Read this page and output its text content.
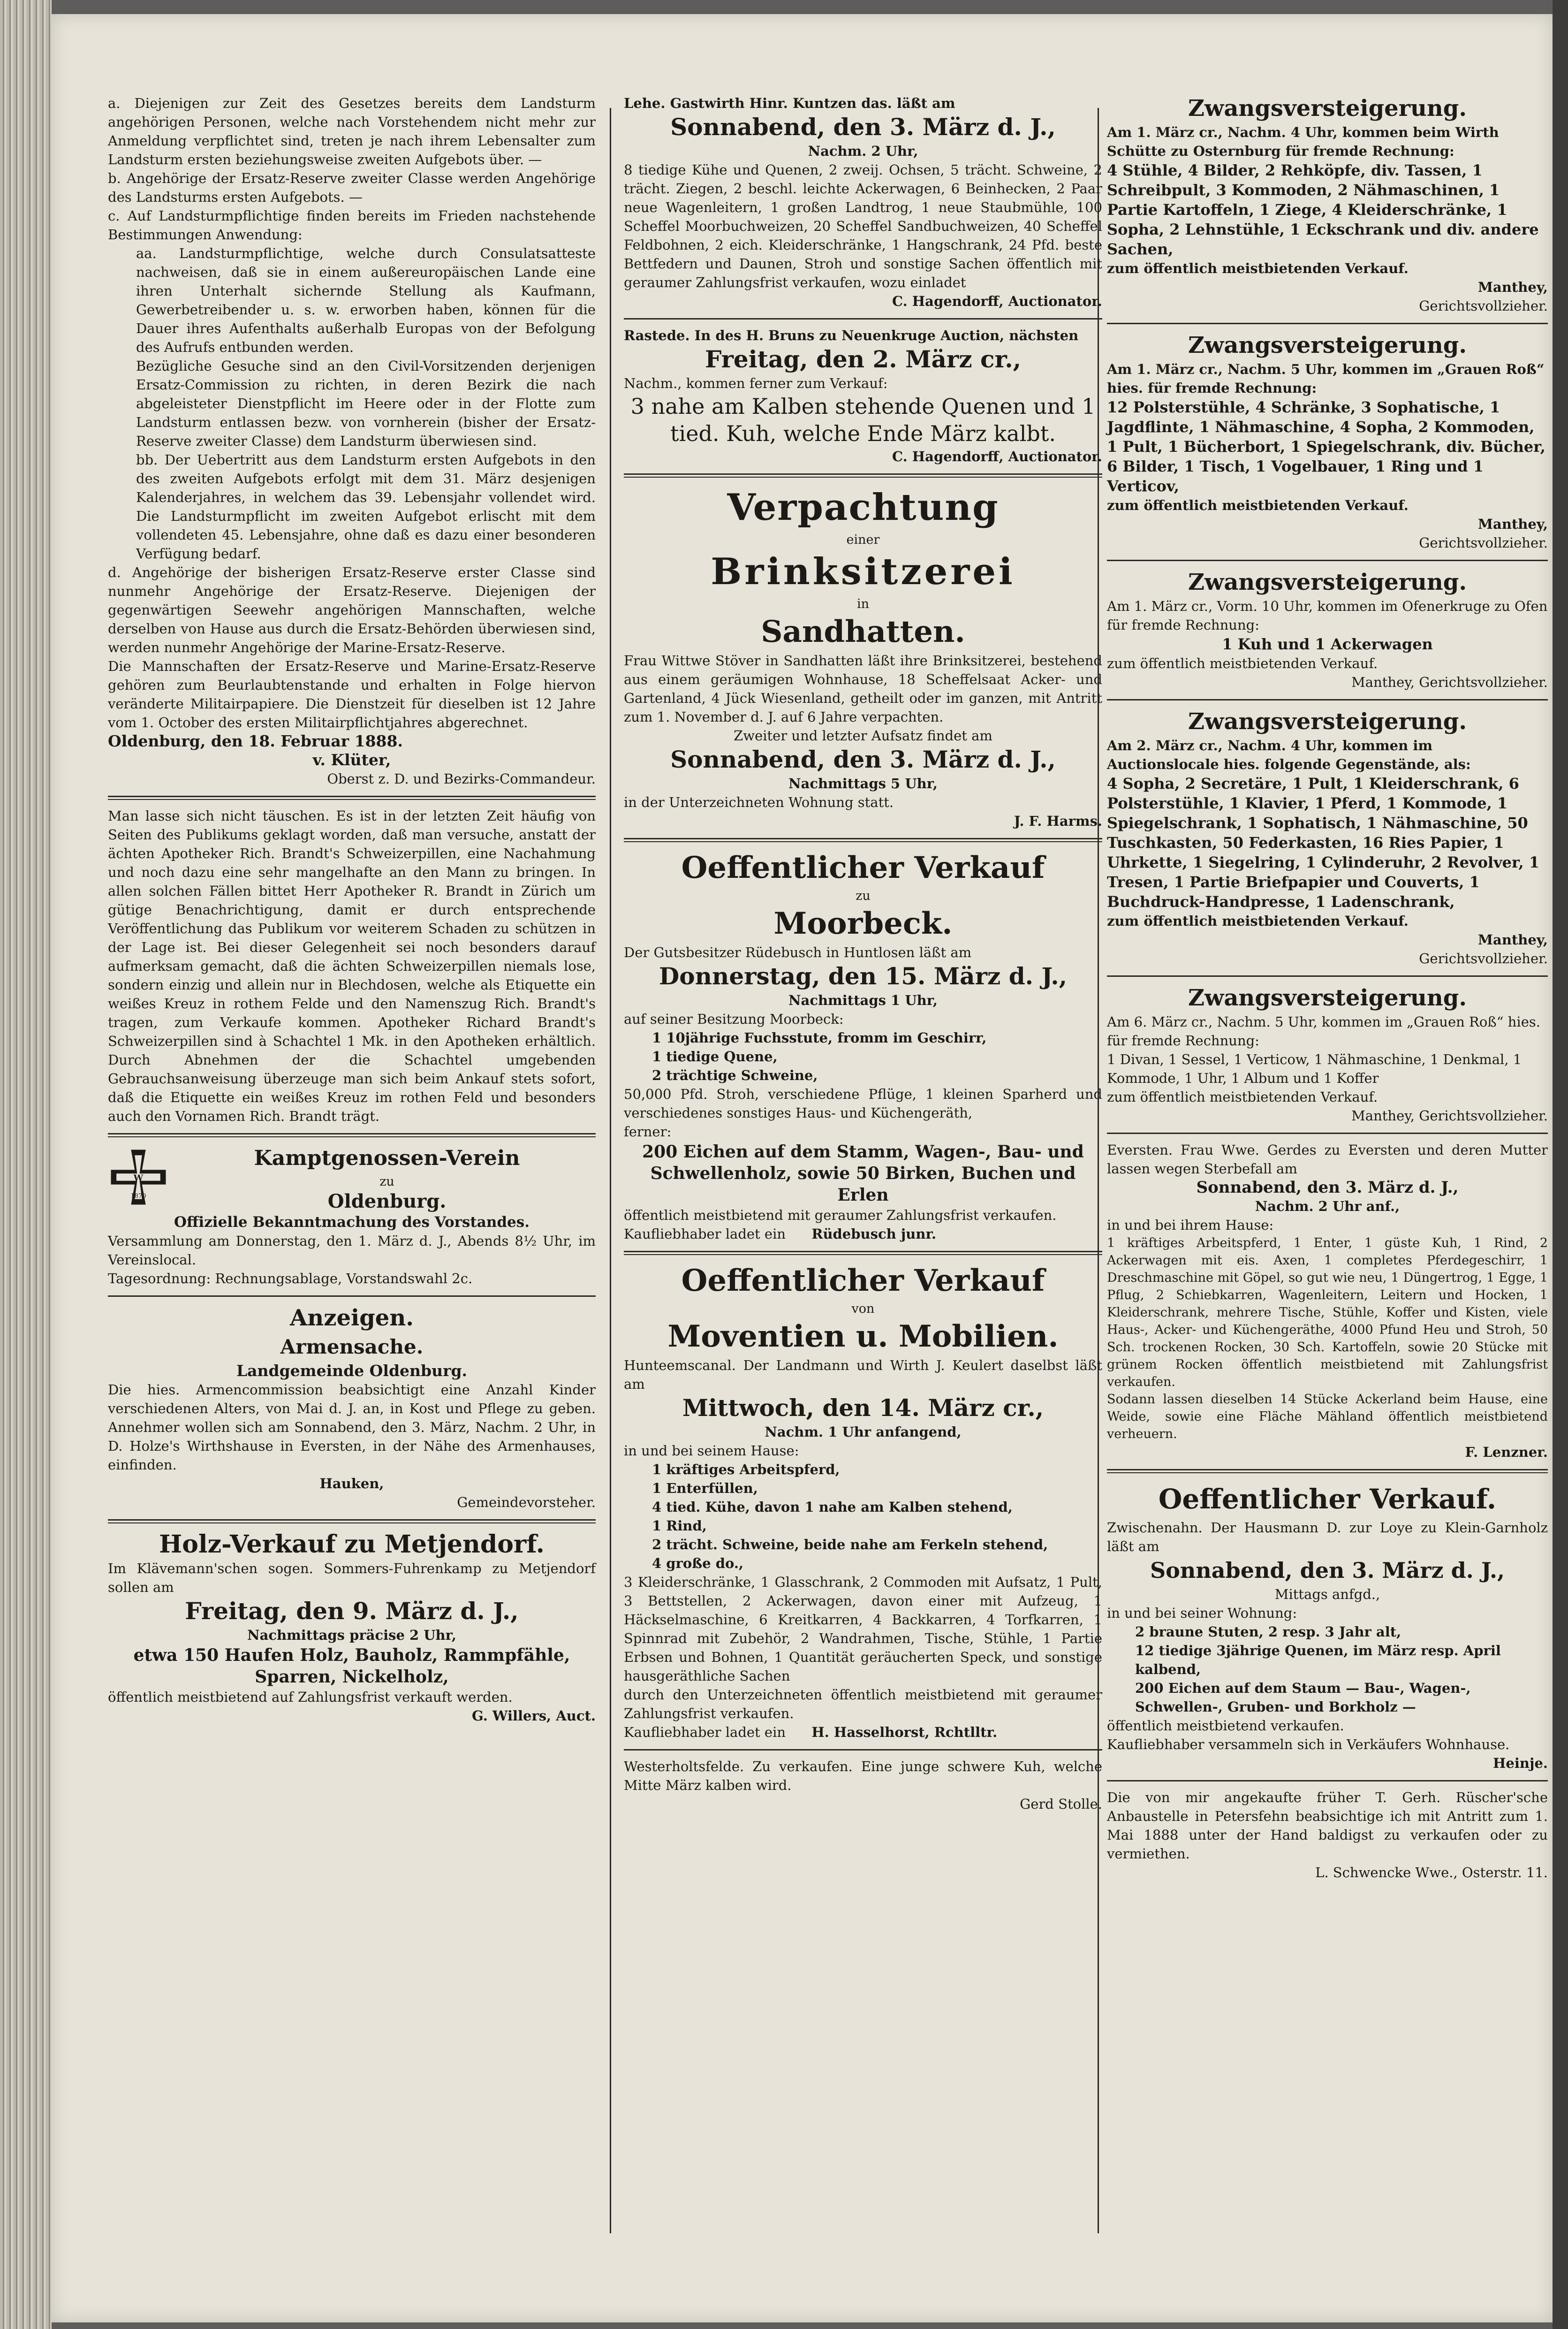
a. Diejenigen zur Zeit des Gesetzes bereits dem Landsturm angehörigen Personen, welche nach Vorstehendem nicht mehr zur Anmeldung verpflichtet sind, treten je nach ihrem Lebensalter zum Landsturm ersten beziehungsweise zweiten Aufgebots über. —

b. Angehörige der Ersatz-Reserve zweiter Classe werden Angehörige des Landsturms ersten Aufgebots. —

c. Auf Landsturmpflichtige finden bereits im Frieden nachstehende Bestimmungen Anwendung:

aa. Landsturmpflichtige, welche durch Consulatsatteste nachweisen, daß sie in einem außereuropäischen Lande eine ihren Unterhalt sichernde Stellung als Kaufmann, Gewerbetreibender u. s. w. erworben haben, können für die Dauer ihres Aufenthalts außerhalb Europas von der Befolgung des Aufrufs entbunden werden.

Bezügliche Gesuche sind an den Civil-Vorsitzenden derjenigen Ersatz-Commission zu richten, in deren Bezirk die nach abgeleisteter Dienstpflicht im Heere oder in der Flotte zum Landsturm entlassen bezw. von vornherein (bisher der Ersatz-Reserve zweiter Classe) dem Landsturm überwiesen sind.

bb. Der Uebertritt aus dem Landsturm ersten Aufgebots in den des zweiten Aufgebots erfolgt mit dem 31. März desjenigen Kalenderjahres, in welchem das 39. Lebensjahr vollendet wird. Die Landsturmpflicht im zweiten Aufgebot erlischt mit dem vollendeten 45. Lebensjahre, ohne daß es dazu einer besonderen Verfügung bedarf.

d. Angehörige der bisherigen Ersatz-Reserve erster Classe sind nunmehr Angehörige der Ersatz-Reserve. Diejenigen der gegenwärtigen Seewehr angehörigen Mannschaften, welche derselben von Hause aus durch die Ersatz-Behörden überwiesen sind, werden nunmehr Angehörige der Marine-Ersatz-Reserve.

Die Mannschaften der Ersatz-Reserve und Marine-Ersatz-Reserve gehören zum Beurlaubtenstande und erhalten in Folge hiervon veränderte Militairpapiere. Die Dienstzeit für dieselben ist 12 Jahre vom 1. October des ersten Militairpflichtjahres abgerechnet.

Oldenburg, den 18. Februar 1888.

v. Klüter,

Oberst z. D. und Bezirks-Commandeur.

Man lasse sich nicht täuschen. Es ist in der letzten Zeit häufig von Seiten des Publikums geklagt worden, daß man versuche, anstatt der ächten Apotheker Rich. Brandt's Schweizerpillen, eine Nachahmung und noch dazu eine sehr mangelhafte an den Mann zu bringen. In allen solchen Fällen bittet Herr Apotheker R. Brandt in Zürich um gütige Benachrichtigung, damit er durch entsprechende Veröffentlichung das Publikum vor weiterem Schaden zu schützen in der Lage ist. Bei dieser Gelegenheit sei noch besonders darauf aufmerksam gemacht, daß die ächten Schweizerpillen niemals lose, sondern einzig und allein nur in Blechdosen, welche als Etiquette ein weißes Kreuz in rothem Felde und den Namenszug Rich. Brandt's tragen, zum Verkaufe kommen. Apotheker Richard Brandt's Schweizerpillen sind à Schachtel 1 Mk. in den Apotheken erhältlich. Durch Abnehmen der die Schachtel umgebenden Gebrauchsanweisung überzeuge man sich beim Ankauf stets sofort, daß die Etiquette ein weißes Kreuz im rothen Feld und besonders auch den Vornamen Rich. Brandt trägt.

W
1870

Kamptgenossen-Verein

zu

Oldenburg.

Offizielle Bekanntmachung des Vorstandes.

Versammlung am Donnerstag, den 1. März d. J., Abends 8½ Uhr, im Vereinslocal.

Tagesordnung: Rechnungsablage, Vorstandswahl 2c.

Anzeigen.

Armensache.

Landgemeinde Oldenburg.

Die hies. Armencommission beabsichtigt eine Anzahl Kinder verschiedenen Alters, von Mai d. J. an, in Kost und Pflege zu geben. Annehmer wollen sich am Sonnabend, den 3. März, Nachm. 2 Uhr, in D. Holze's Wirthshause in Eversten, in der Nähe des Armenhauses, einfinden.

Hauken,

Gemeindevorsteher.

Holz-Verkauf zu Metjendorf.

Im Klävemann'schen sogen. Sommers-Fuhrenkamp zu Metjendorf sollen am

Freitag, den 9. März d. J.,

Nachmittags präcise 2 Uhr,

etwa 150 Haufen Holz, Bauholz, Rammpfähle, Sparren, Nickelholz,

öffentlich meistbietend auf Zahlungsfrist verkauft werden.

G. Willers, Auct.

Lehe. Gastwirth Hinr. Kuntzen das. läßt am

Sonnabend, den 3. März d. J.,

Nachm. 2 Uhr,

8 tiedige Kühe und Quenen, 2 zweij. Ochsen, 5 trächt. Schweine, 2 trächt. Ziegen, 2 beschl. leichte Ackerwagen, 6 Beinhecken, 2 Paar neue Wagenleitern, 1 großen Landtrog, 1 neue Staubmühle, 100 Scheffel Moorbuchweizen, 20 Scheffel Sandbuchweizen, 40 Scheffel Feldbohnen, 2 eich. Kleiderschränke, 1 Hangschrank, 24 Pfd. beste Bettfedern und Daunen, Stroh und sonstige Sachen öffentlich mit geraumer Zahlungsfrist verkaufen, wozu einladet

C. Hagendorff, Auctionator.

Rastede. In des H. Bruns zu Neuenkruge Auction, nächsten

Freitag, den 2. März cr.,

Nachm., kommen ferner zum Verkauf:

3 nahe am Kalben stehende Quenen und 1 tied. Kuh, welche Ende März kalbt.

C. Hagendorff, Auctionator.

Verpachtung

einer

Brinksitzerei

in

Sandhatten.

Frau Wittwe Stöver in Sandhatten läßt ihre Brinksitzerei, bestehend aus einem geräumigen Wohnhause, 18 Scheffelsaat Acker- und Gartenland, 4 Jück Wiesenland, getheilt oder im ganzen, mit Antritt zum 1. November d. J. auf 6 Jahre verpachten.

Zweiter und letzter Aufsatz findet am

Sonnabend, den 3. März d. J.,

Nachmittags 5 Uhr,

in der Unterzeichneten Wohnung statt.

J. F. Harms.

Oeffentlicher Verkauf

zu

Moorbeck.

Der Gutsbesitzer Rüdebusch in Huntlosen läßt am

Donnerstag, den 15. März d. J.,

Nachmittags 1 Uhr,

auf seiner Besitzung Moorbeck:

1 10jährige Fuchsstute, fromm im Geschirr,

1 tiedige Quene,

2 trächtige Schweine,

50,000 Pfd. Stroh, verschiedene Pflüge, 1 kleinen Sparherd und verschiedenes sonstiges Haus- und Küchengeräth,

ferner:

200 Eichen auf dem Stamm, Wagen-, Bau- und Schwellenholz, sowie 50 Birken, Buchen und Erlen

öffentlich meistbietend mit geraumer Zahlungsfrist verkaufen.

Kaufliebhaber ladet ein Rüdebusch junr.

Oeffentlicher Verkauf

von

Moventien u. Mobilien.

Hunteemscanal. Der Landmann und Wirth J. Keulert daselbst läßt am

Mittwoch, den 14. März cr.,

Nachm. 1 Uhr anfangend,

in und bei seinem Hause:

1 kräftiges Arbeitspferd,

1 Enterfüllen,

4 tied. Kühe, davon 1 nahe am Kalben stehend,

1 Rind,

2 trächt. Schweine, beide nahe am Ferkeln stehend,

4 große do.,

3 Kleiderschränke, 1 Glasschrank, 2 Commoden mit Aufsatz, 1 Pult, 3 Bettstellen, 2 Ackerwagen, davon einer mit Aufzeug, 1 Häckselmaschine, 6 Kreitkarren, 4 Backkarren, 4 Torfkarren, 1 Spinnrad mit Zubehör, 2 Wandrahmen, Tische, Stühle, 1 Partie Erbsen und Bohnen, 1 Quantität geräucherten Speck, und sonstige hausgeräthliche Sachen

durch den Unterzeichneten öffentlich meistbietend mit geraumer Zahlungsfrist verkaufen.

Kaufliebhaber ladet ein H. Hasselhorst, Rchtlltr.

Westerholtsfelde. Zu verkaufen. Eine junge schwere Kuh, welche Mitte März kalben wird.

Gerd Stolle.

Zwangsversteigerung.

Am 1. März cr., Nachm. 4 Uhr, kommen beim Wirth Schütte zu Osternburg für fremde Rechnung:

4 Stühle, 4 Bilder, 2 Rehköpfe, div. Tassen, 1 Schreibpult, 3 Kommoden, 2 Nähmaschinen, 1 Partie Kartoffeln, 1 Ziege, 4 Kleiderschränke, 1 Sopha, 2 Lehnstühle, 1 Eckschrank und div. andere Sachen,

zum öffentlich meistbietenden Verkauf.

Manthey,

Gerichtsvollzieher.

Zwangsversteigerung.

Am 1. März cr., Nachm. 5 Uhr, kommen im „Grauen Roß“ hies. für fremde Rechnung:

12 Polsterstühle, 4 Schränke, 3 Sophatische, 1 Jagdflinte, 1 Nähmaschine, 4 Sopha, 2 Kommoden, 1 Pult, 1 Bücherbort, 1 Spiegelschrank, div. Bücher, 6 Bilder, 1 Tisch, 1 Vogelbauer, 1 Ring und 1 Verticov,

zum öffentlich meistbietenden Verkauf.

Manthey,

Gerichtsvollzieher.

Zwangsversteigerung.

Am 1. März cr., Vorm. 10 Uhr, kommen im Ofenerkruge zu Ofen für fremde Rechnung:

1 Kuh und 1 Ackerwagen

zum öffentlich meistbietenden Verkauf.

Manthey, Gerichtsvollzieher.

Zwangsversteigerung.

Am 2. März cr., Nachm. 4 Uhr, kommen im Auctionslocale hies. folgende Gegenstände, als:

4 Sopha, 2 Secretäre, 1 Pult, 1 Kleiderschrank, 6 Polsterstühle, 1 Klavier, 1 Pferd, 1 Kommode, 1 Spiegelschrank, 1 Sophatisch, 1 Nähmaschine, 50 Tuschkasten, 50 Federkasten, 16 Ries Papier, 1 Uhrkette, 1 Siegelring, 1 Cylinderuhr, 2 Revolver, 1 Tresen, 1 Partie Briefpapier und Couverts, 1 Buchdruck-Handpresse, 1 Ladenschrank,

zum öffentlich meistbietenden Verkauf.

Manthey,

Gerichtsvollzieher.

Zwangsversteigerung.

Am 6. März cr., Nachm. 5 Uhr, kommen im „Grauen Roß“ hies. für fremde Rechnung:

1 Divan, 1 Sessel, 1 Verticow, 1 Nähmaschine, 1 Denkmal, 1 Kommode, 1 Uhr, 1 Album und 1 Koffer

zum öffentlich meistbietenden Verkauf.

Manthey, Gerichtsvollzieher.

Eversten. Frau Wwe. Gerdes zu Eversten und deren Mutter lassen wegen Sterbefall am

Sonnabend, den 3. März d. J.,

Nachm. 2 Uhr anf.,

in und bei ihrem Hause:

1 kräftiges Arbeitspferd, 1 Enter, 1 güste Kuh, 1 Rind, 2 Ackerwagen mit eis. Axen, 1 completes Pferdegeschirr, 1 Dreschmaschine mit Göpel, so gut wie neu, 1 Düngertrog, 1 Egge, 1 Pflug, 2 Schiebkarren, Wagenleitern, Leitern und Hocken, 1 Kleiderschrank, mehrere Tische, Stühle, Koffer und Kisten, viele Haus-, Acker- und Küchengeräthe, 4000 Pfund Heu und Stroh, 50 Sch. trockenen Rocken, 30 Sch. Kartoffeln, sowie 20 Stücke mit grünem Rocken öffentlich meistbietend mit Zahlungsfrist verkaufen.

Sodann lassen dieselben 14 Stücke Ackerland beim Hause, eine Weide, sowie eine Fläche Mähland öffentlich meistbietend verheuern.

F. Lenzner.

Oeffentlicher Verkauf.

Zwischenahn. Der Hausmann D. zur Loye zu Klein-Garnholz läßt am

Sonnabend, den 3. März d. J.,

Mittags anfgd.,

in und bei seiner Wohnung:

2 braune Stuten, 2 resp. 3 Jahr alt,

12 tiedige 3jährige Quenen, im März resp. April kalbend,

200 Eichen auf dem Staum — Bau-, Wagen-, Schwellen-, Gruben- und Borkholz —

öffentlich meistbietend verkaufen.

Kaufliebhaber versammeln sich in Verkäufers Wohnhause.

Heinje.

Die von mir angekaufte früher T. Gerh. Rüscher'sche Anbaustelle in Petersfehn beabsichtige ich mit Antritt zum 1. Mai 1888 unter der Hand baldigst zu verkaufen oder zu vermiethen.

L. Schwencke Wwe., Osterstr. 11.
